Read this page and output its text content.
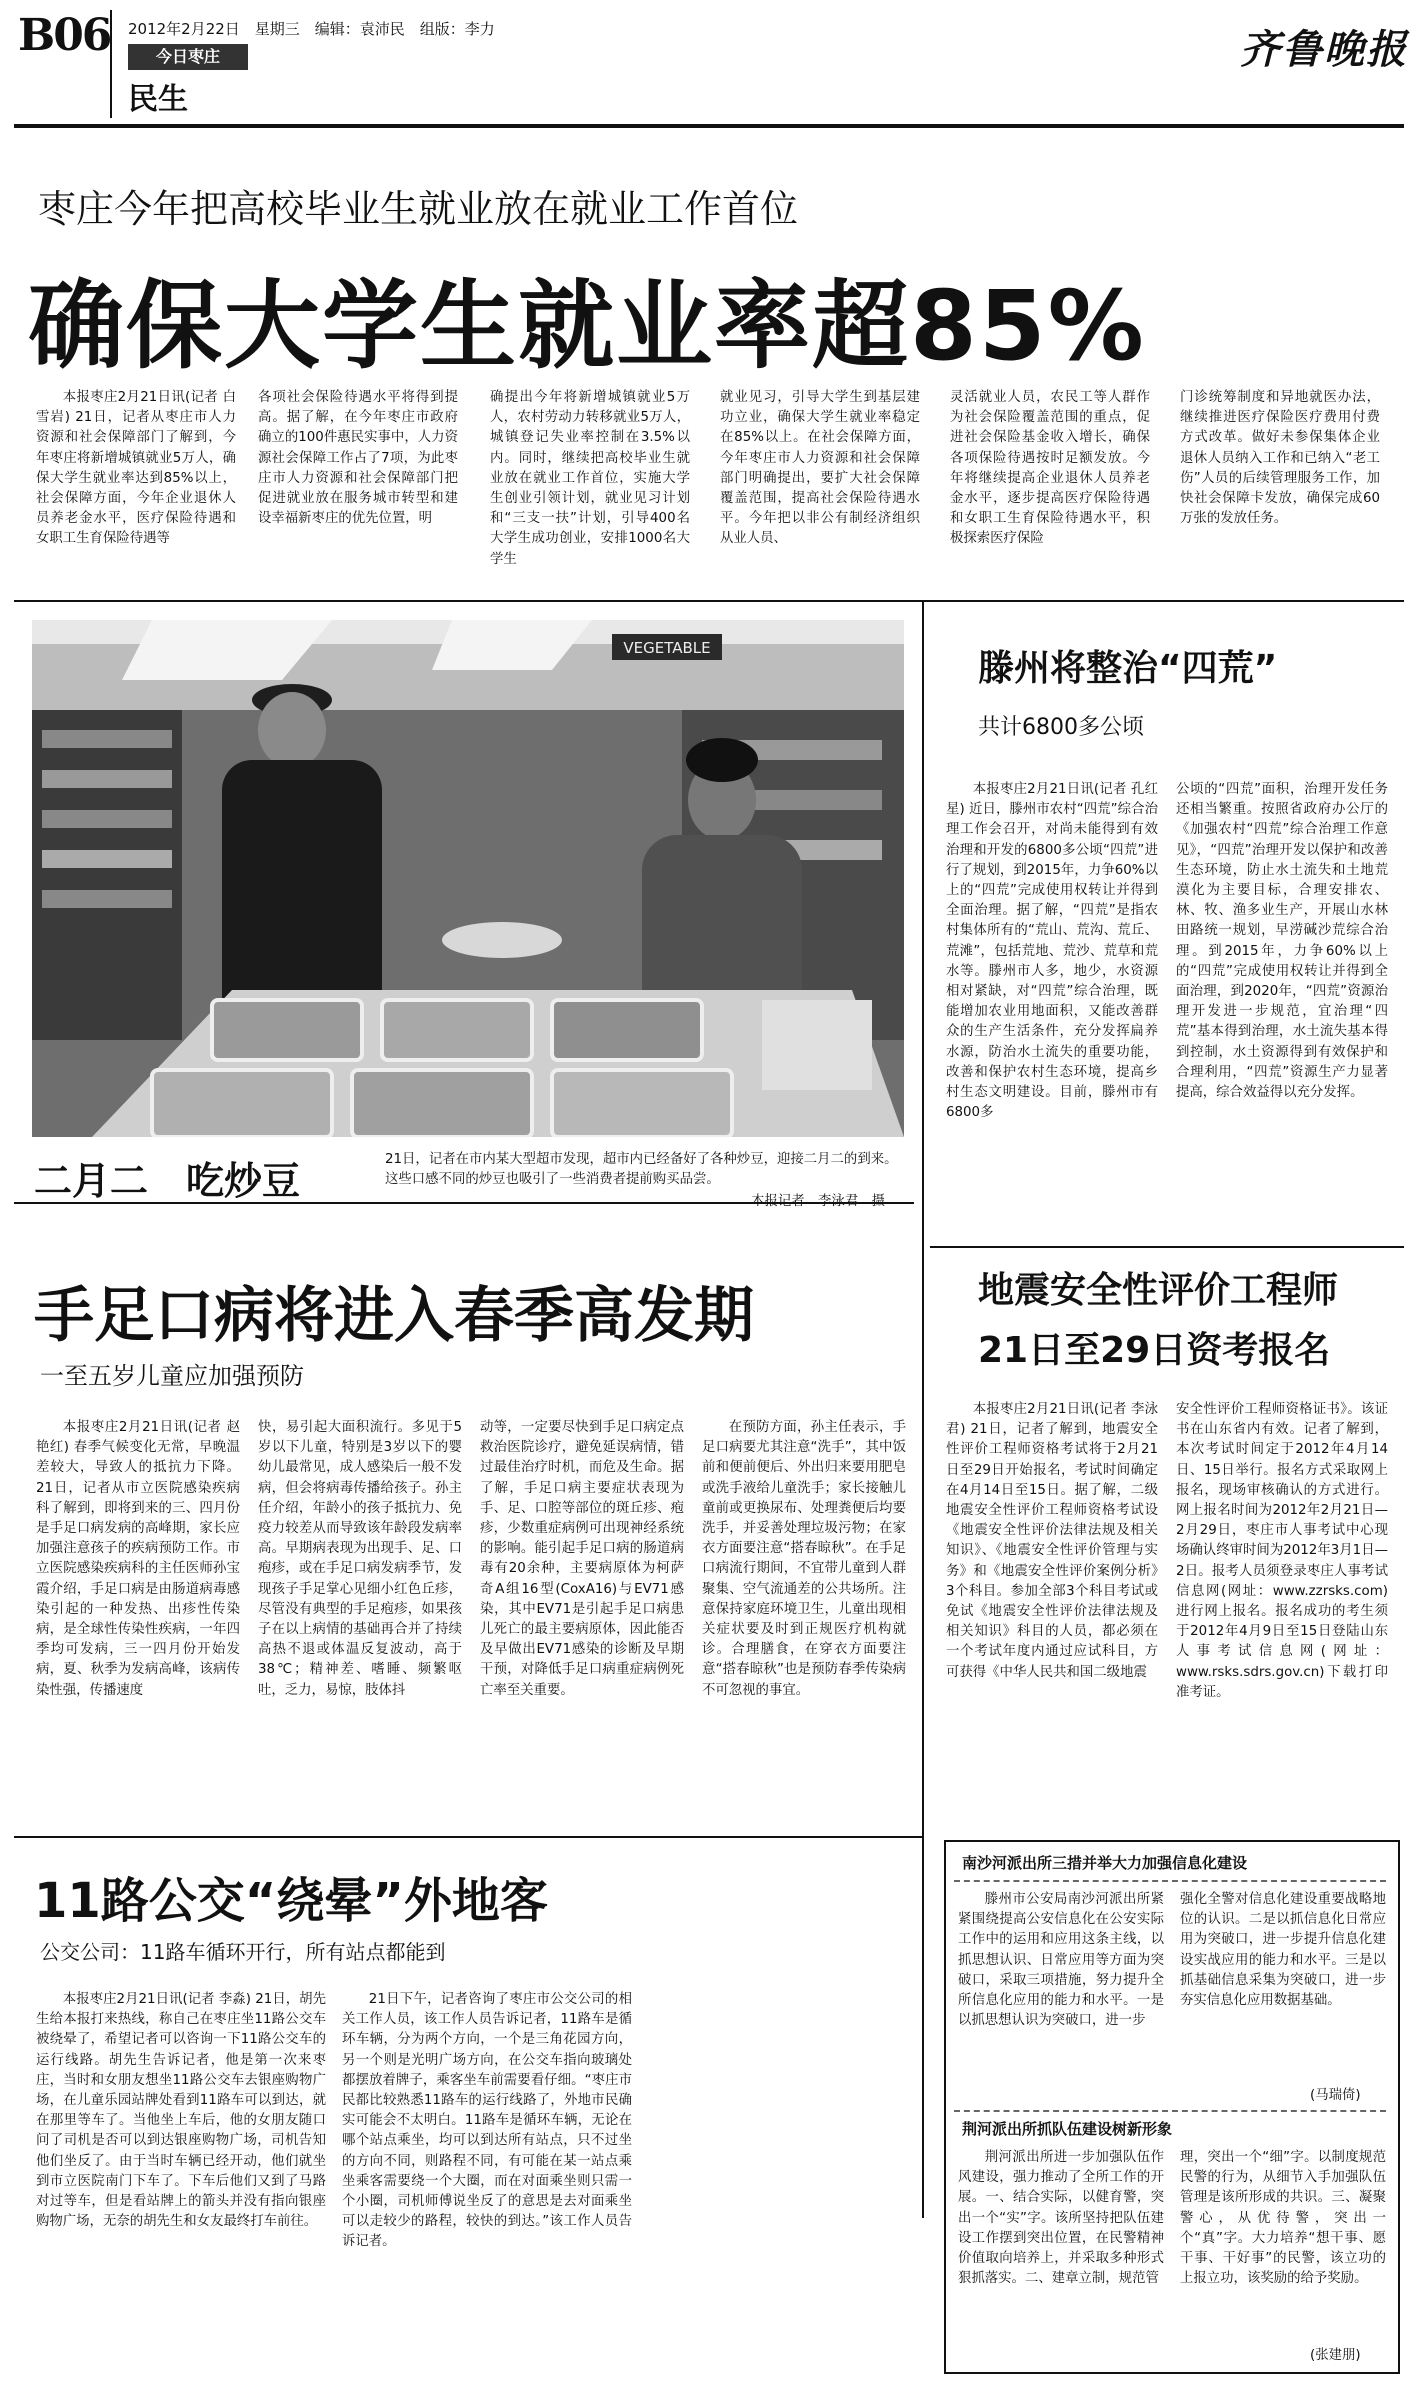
B06 2012年2月22日　星期三　编辑：袁沛民　组版：李力
今日枣庄
民生
齐鲁晚报
枣庄今年把高校毕业生就业放在就业工作首位
确保大学生就业率超85%

本报枣庄2月21日讯(记者 白雪岩) 21日，记者从枣庄市人力资源和社会保障部门了解到，今年枣庄将新增城镇就业5万人，确保大学生就业率达到85%以上，社会保障方面，今年企业退休人员养老金水平，医疗保险待遇和女职工生育保险待遇等

各项社会保险待遇水平将得到提高。据了解，在今年枣庄市政府确立的100件惠民实事中，人力资源社会保障工作占了7项，为此枣庄市人力资源和社会保障部门把促进就业放在服务城市转型和建设幸福新枣庄的优先位置，明

确提出今年将新增城镇就业5万人，农村劳动力转移就业5万人，城镇登记失业率控制在3.5%以内。同时，继续把高校毕业生就业放在就业工作首位，实施大学生创业引领计划，就业见习计划和“三支一扶”计划，引导400名大学生成功创业，安排1000名大学生

就业见习，引导大学生到基层建功立业，确保大学生就业率稳定在85%以上。在社会保障方面，今年枣庄市人力资源和社会保障部门明确提出，要扩大社会保障覆盖范围，提高社会保险待遇水平。今年把以非公有制经济组织从业人员、

灵活就业人员，农民工等人群作为社会保险覆盖范围的重点，促进社会保险基金收入增长，确保各项保险待遇按时足额发放。今年将继续提高企业退休人员养老金水平，逐步提高医疗保险待遇和女职工生育保险待遇水平，积极探索医疗保险

门诊统筹制度和异地就医办法，继续推进医疗保险医疗费用付费方式改革。做好未参保集体企业退休人员纳入工作和已纳入“老工伤”人员的后续管理服务工作，加快社会保障卡发放，确保完成60万张的发放任务。

VEGETABLE
二月二　吃炒豆	21日，记者在市内某大型超市发现，超市内已经备好了各种炒豆，迎接二月二的到来。这些口感不同的炒豆也吸引了一些消费者提前购买品尝。
本报记者　李泳君　摄
滕州将整治“四荒”
共计6800多公顷

本报枣庄2月21日讯(记者 孔红星) 近日，滕州市农村“四荒”综合治理工作会召开，对尚未能得到有效治理和开发的6800多公顷“四荒”进行了规划，到2015年，力争60%以上的“四荒”完成使用权转让并得到全面治理。据了解，“四荒”是指农村集体所有的“荒山、荒沟、荒丘、荒滩”，包括荒地、荒沙、荒草和荒水等。滕州市人多，地少，水资源相对紧缺，对“四荒”综合治理，既能增加农业用地面积，又能改善群众的生产生活条件，充分发挥扁养水源，防治水土流失的重要功能，改善和保护农村生态环境，提高乡村生态文明建设。目前，滕州市有6800多

公顷的“四荒”面积，治理开发任务还相当繁重。按照省政府办公厅的《加强农村“四荒”综合治理工作意见》，“四荒”治理开发以保护和改善生态环境，防止水土流失和土地荒漠化为主要目标，合理安排农、林、牧、渔多业生产，开展山水林田路统一规划，早涝碱沙荒综合治理。到2015年，力争60%以上的“四荒”完成使用权转让并得到全面治理，到2020年，“四荒”资源治理开发进一步规范，宜治理“四荒”基本得到治理，水土流失基本得到控制，水土资源得到有效保护和合理利用，“四荒”资源生产力显著提高，综合效益得以充分发挥。

地震安全性评价工程师
21日至29日资考报名

本报枣庄2月21日讯(记者 李泳君) 21日，记者了解到，地震安全性评价工程师资格考试将于2月21日至29日开始报名，考试时间确定在4月14日至15日。据了解，二级地震安全性评价工程师资格考试设《地震安全性评价法律法规及相关知识》、《地震安全性评价管理与实务》和《地震安全性评价案例分析》3个科目。参加全部3个科目考试或免试《地震安全性评价法律法规及相关知识》科目的人员，都必须在一个考试年度内通过应试科目，方可获得《中华人民共和国二级地震

安全性评价工程师资格证书》。该证书在山东省内有效。记者了解到，本次考试时间定于2012年4月14日、15日举行。报名方式采取网上报名，现场审核确认的方式进行。网上报名时间为2012年2月21日—2月29日，枣庄市人事考试中心现场确认终审时间为2012年3月1日—2日。报考人员须登录枣庄人事考试信息网(网址：www.zzrsks.com)进行网上报名。报名成功的考生须于2012年4月9日至15日登陆山东人事考试信息网(网址：www.rsks.sdrs.gov.cn)下载打印准考证。

手足口病将进入春季高发期
一至五岁儿童应加强预防

本报枣庄2月21日讯(记者 赵艳红) 春季气候变化无常，早晚温差较大，导致人的抵抗力下降。21日，记者从市立医院感染疾病科了解到，即将到来的三、四月份是手足口病发病的高峰期，家长应加强注意孩子的疾病预防工作。市立医院感染疾病科的主任医师孙宝霞介绍，手足口病是由肠道病毒感染引起的一种发热、出疹性传染病，是全球性传染性疾病，一年四季均可发病，三一四月份开始发病，夏、秋季为发病高峰，该病传染性强，传播速度

快，易引起大面积流行。多见于5岁以下儿童，特别是3岁以下的婴幼儿最常见，成人感染后一般不发病，但会将病毒传播给孩子。孙主任介绍，年龄小的孩子抵抗力、免疫力较差从而导致该年龄段发病率高。早期病表现为出现手、足、口疱疹，或在手足口病发病季节，发现孩子手足掌心见细小红色丘疹，尽管没有典型的手足疱疹，如果孩子在以上病情的基础再合并了持续高热不退或体温反复波动，高于38℃；精神差、嗜睡、频繁呕吐，乏力，易惊，肢体抖

动等，一定要尽快到手足口病定点救治医院诊疗，避免延误病情，错过最佳治疗时机，而危及生命。据了解，手足口病主要症状表现为手、足、口腔等部位的斑丘疹、疱疹，少数重症病例可出现神经系统的影响。能引起手足口病的肠道病毒有20余种，主要病原体为柯萨奇A组16型(CoxA16)与EV71感染，其中EV71是引起手足口病患儿死亡的最主要病原体，因此能否及早做出EV71感染的诊断及早期干预，对降低手足口病重症病例死亡率至关重要。

在预防方面，孙主任表示，手足口病要尤其注意“洗手”，其中饭前和便前便后、外出归来要用肥皂或洗手液给儿童洗手；家长接触儿童前或更换尿布、处理粪便后均要洗手，并妥善处理垃圾污物；在家衣方面要注意“搭春晾秋”。在手足口病流行期间，不宜带儿童到人群聚集、空气流通差的公共场所。注意保持家庭环境卫生，儿童出现相关症状要及时到正规医疗机构就诊。合理膳食，在穿衣方面要注意“搭春晾秋”也是预防春季传染病不可忽视的事宜。

11路公交“绕晕”外地客
公交公司：11路车循环开行，所有站点都能到

本报枣庄2月21日讯(记者 李淼) 21日，胡先生给本报打来热线，称自己在枣庄坐11路公交车被绕晕了，希望记者可以咨询一下11路公交车的运行线路。胡先生告诉记者，他是第一次来枣庄，当时和女朋友想坐11路公交车去银座购物广场，在儿童乐园站牌处看到11路车可以到达，就在那里等车了。当他坐上车后，他的女朋友随口问了司机是否可以到达银座购物广场，司机告知他们坐反了。由于当时车辆已经开动，他们就坐到市立医院南门下车了。下车后他们又到了马路对过等车，但是看站牌上的箭头并没有指向银座购物广场，无奈的胡先生和女友最终打车前往。

21日下午，记者咨询了枣庄市公交公司的相关工作人员，该工作人员告诉记者，11路车是循环车辆，分为两个方向，一个是三角花园方向，另一个则是光明广场方向，在公交车指向玻璃处都摆放着牌子，乘客坐车前需要看仔细。“枣庄市民都比较熟悉11路车的运行线路了，外地市民确实可能会不太明白。11路车是循环车辆，无论在哪个站点乘坐，均可以到达所有站点，只不过坐的方向不同，则路程不同，有可能在某一站点乘坐乘客需要绕一个大圈，而在对面乘坐则只需一个小圈，司机师傅说坐反了的意思是去对面乘坐可以走较少的路程，较快的到达。”该工作人员告诉记者。

南沙河派出所三措并举大力加强信息化建设

滕州市公安局南沙河派出所紧紧围绕提高公安信息化在公安实际工作中的运用和应用这条主线，以抓思想认识、日常应用等方面为突破口，采取三项措施，努力提升全所信息化应用的能力和水平。一是以抓思想认识为突破口，进一步

强化全警对信息化建设重要战略地位的认识。二是以抓信息化日常应用为突破口，进一步提升信息化建设实战应用的能力和水平。三是以抓基础信息采集为突破口，进一步夯实信息化应用数据基础。

(马瑞倚)
荆河派出所抓队伍建设树新形象

荆河派出所进一步加强队伍作风建设，强力推动了全所工作的开展。一、结合实际，以健育警，突出一个“实”字。该所坚持把队伍建设工作摆到突出位置，在民警精神价值取向培养上，并采取多种形式狠抓落实。二、建章立制，规范管

理，突出一个“细”字。以制度规范民警的行为，从细节入手加强队伍管理是该所形成的共识。三、凝聚警心，从优待警，突出一个“真”字。大力培养“想干事、愿干事、干好事”的民警，该立功的上报立功，该奖励的给予奖励。

(张建朋)
